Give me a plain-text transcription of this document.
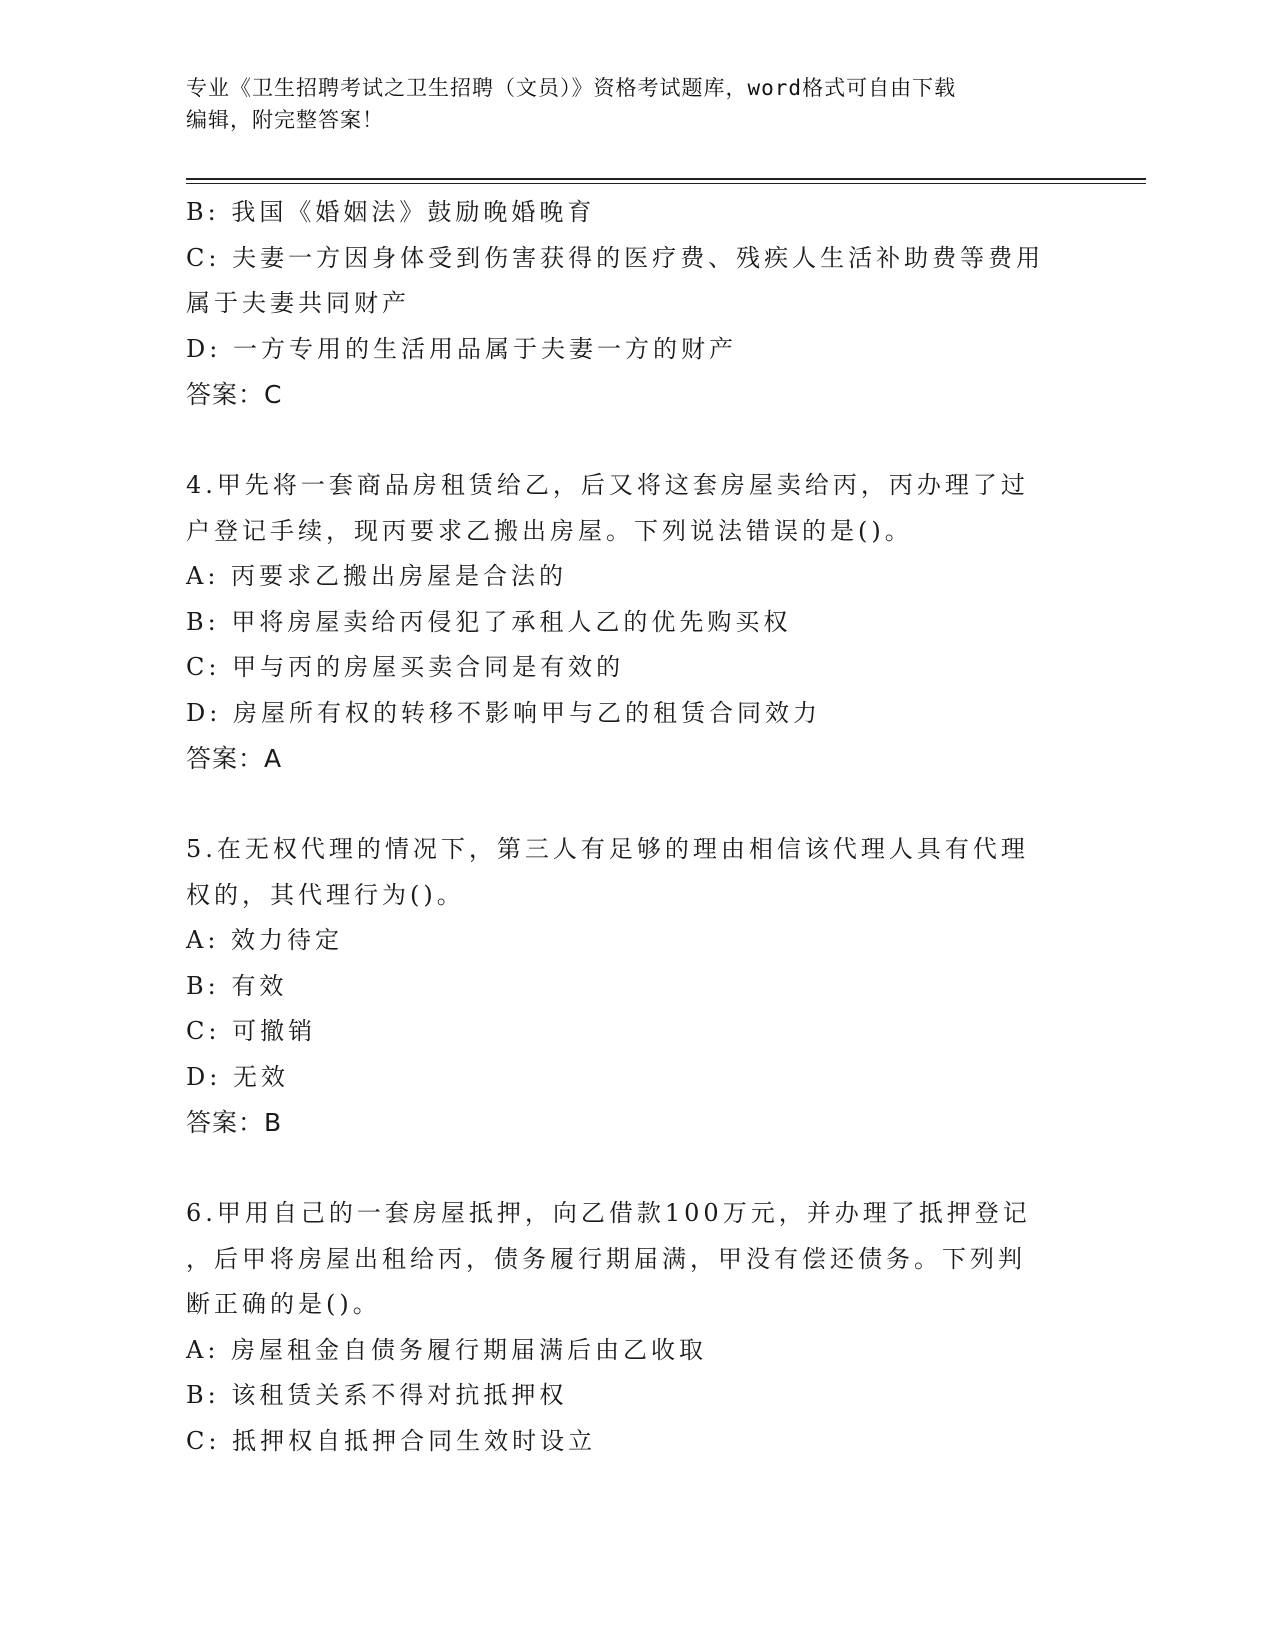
专业《卫生招聘考试之卫生招聘（文员）》资格考试题库，word格式可自由下载
编辑，附完整答案！
B: 我国《婚姻法》鼓励晚婚晚育
C: 夫妻一方因身体受到伤害获得的医疗费、残疾人生活补助费等费用
属于夫妻共同财产
D: 一方专用的生活用品属于夫妻一方的财产
答案：C
4.甲先将一套商品房租赁给乙，后又将这套房屋卖给丙，丙办理了过
户登记手续，现丙要求乙搬出房屋。下列说法错误的是()。
A: 丙要求乙搬出房屋是合法的
B: 甲将房屋卖给丙侵犯了承租人乙的优先购买权
C: 甲与丙的房屋买卖合同是有效的
D: 房屋所有权的转移不影响甲与乙的租赁合同效力
答案：A
5.在无权代理的情况下，第三人有足够的理由相信该代理人具有代理
权的，其代理行为()。
A: 效力待定
B: 有效
C: 可撤销
D: 无效
答案：B
6.甲用自己的一套房屋抵押，向乙借款100万元，并办理了抵押登记
，后甲将房屋出租给丙，债务履行期届满，甲没有偿还债务。下列判
断正确的是()。
A: 房屋租金自债务履行期届满后由乙收取
B: 该租赁关系不得对抗抵押权
C: 抵押权自抵押合同生效时设立
